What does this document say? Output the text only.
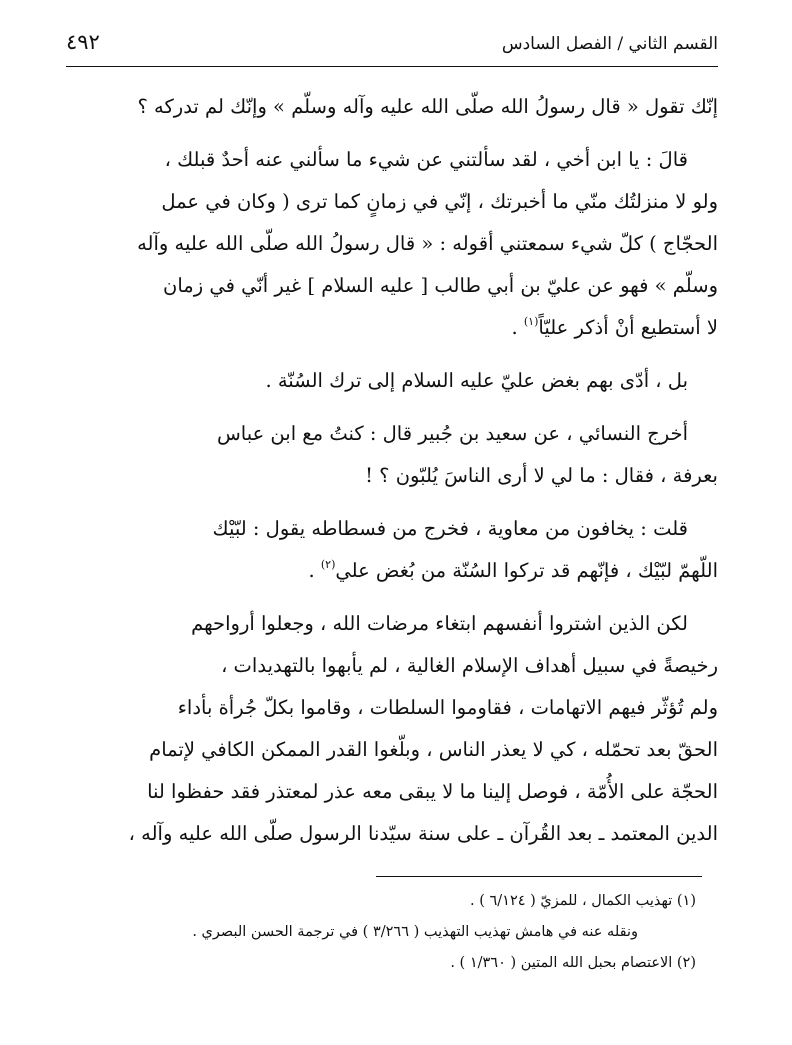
القسم الثاني / الفصل السادس
٤٩٢

إنّك تقول « قال رسولُ الله صلّى الله عليه وآله وسلّم » وإنّك لم تدركه ؟

قالَ : يا ابن أخي ، لقد سألتني عن شيء ما سألني عنه أحدٌ قبلك ،
ولو لا منزلتُك منّي ما أخبرتك ، إنّي في زمانٍ كما ترى ( وكان في عمل
الحجّاج ) كلّ شيء سمعتني أقوله : « قال رسولُ الله صلّى الله عليه وآله
وسلّم » فهو عن عليّ بن أبي طالب [ عليه السلام ] غير أنّي في زمان
لا أستطيع أنْ أذكر عليّاً$^{(١)}$ .

بل ، أدّى بهم بغض عليّ عليه السلام إلى ترك السُنّة .

أخرج النسائي ، عن سعيد بن جُبير قال : كنتُ مع ابن عباس
بعرفة ، فقال : ما لي لا أرى الناسَ يُلبّون ؟ !

قلت : يخافون من معاوية ، فخرج من فسطاطه يقول : لبّيْك
اللّهمّ لبّيْك ، فإنّهم قد تركوا السُنّة من بُغض علي$^{(٢)}$ .

لكن الذين اشتروا أنفسهم ابتغاء مرضات الله ، وجعلوا أرواحهم
رخيصةً في سبيل أهداف الإسلام الغالية ، لم يأبهوا بالتهديدات ،
ولم تُؤثّر فيهم الاتهامات ، فقاوموا السلطات ، وقاموا بكلّ جُرأة بأداء
الحقّ بعد تحمّله ، كي لا يعذر الناس ، وبلّغوا القدر الممكن الكافي لإتمام
الحجّة على الأُمّة ، فوصل إلينا ما لا يبقى معه عذر لمعتذر فقد حفظوا لنا
الدين المعتمد ـ بعد القُرآن ـ على سنة سيّدنا الرسول صلّى الله عليه وآله ،

(١) تهذيب الكمال ، للمزيّ ( ٦/١٢٤ ) .
ونقله عنه في هامش تهذيب التهذيب ( ٣/٢٦٦ ) في ترجمة الحسن البصري .
(٢) الاعتصام بحبل الله المتين ( ١/٣٦٠ ) .
